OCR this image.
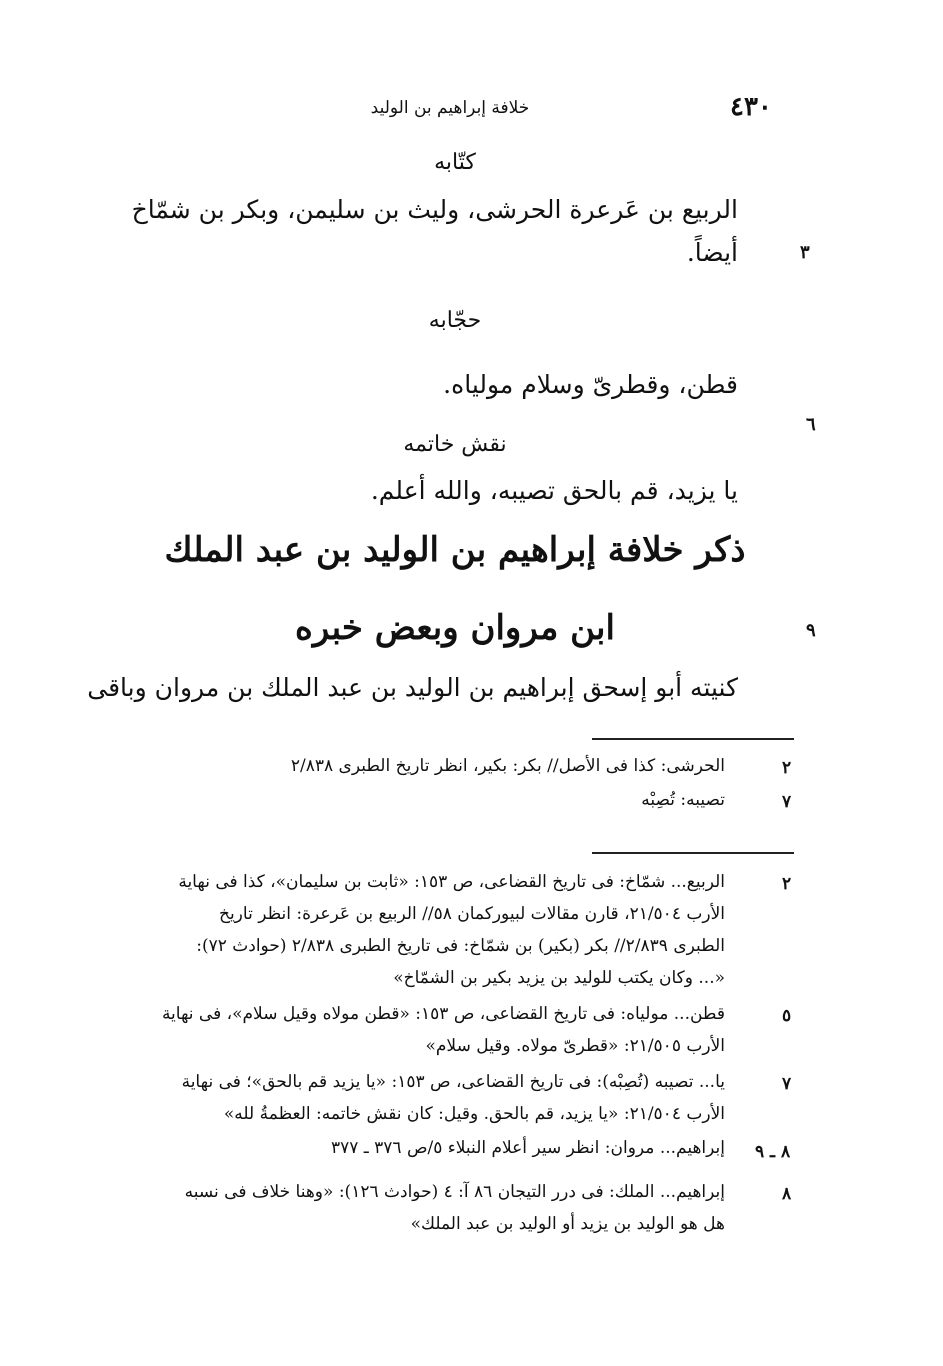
٤٣٠
خلافة إبراهيم بن الوليد
كتّابه
الربيع بن عَرعرة الحرشى، وليث بن سليمن، وبكر بن شمّاخ
أيضاً.	٣
حجّابه
قطن، وقطرىّ وسلام مولياه.
٦
نقش خاتمه
يا يزيد، قم بالحق تصيبه، والله أعلم.
ذكر خلافة إبراهيم بن الوليد بن عبد الملك
ابن مروان وبعض خبره	٩
كنيته أبو إسحق إبراهيم بن الوليد بن عبد الملك بن مروان وباقى
٢
الحرشى: كذا فى الأصل// بكر: بكير، انظر تاريخ الطبرى ٢/٨٣٨
٧
تصيبه: تُصِبْه
٢
الربيع... شمّاخ: فى تاريخ القضاعى، ص ١٥٣: «ثابت بن سليمان»، كذا فى نهاية
الأرب ٢١/٥٠٤، قارن مقالات لبيوركمان ٥٨// الربيع بن عَرعرة: انظر تاريخ
الطبرى ٢/٨٣٩// بكر (بكير) بن شمّاخ: فى تاريخ الطبرى ٢/٨٣٨ (حوادث ٧٢):
«... وكان يكتب للوليد بن يزيد بكير بن الشمّاخ»
٥
قطن... مولياه: فى تاريخ القضاعى، ص ١٥٣: «قطن مولاه وقيل سلام»، فى نهاية
الأرب ٢١/٥٠٥: «قطرىّ مولاه. وقيل سلام»
٧
يا... تصيبه (تُصِبْه): فى تاريخ القضاعى، ص ١٥٣: «يا يزيد قم بالحق»؛ فى نهاية
الأرب ٢١/٥٠٤: «يا يزيد، قم بالحق. وقيل: كان نقش خاتمه: العظمةُ لله»
٨ ـ ٩
إبراهيم... مروان: انظر سير أعلام النبلاء ٥/ص ٣٧٦ ـ ٣٧٧
٨
إبراهيم... الملك: فى درر التيجان ٨٦ آ: ٤ (حوادث ١٢٦): «وهنا خلاف فى نسبه
هل هو الوليد بن يزيد أو الوليد بن عبد الملك»
